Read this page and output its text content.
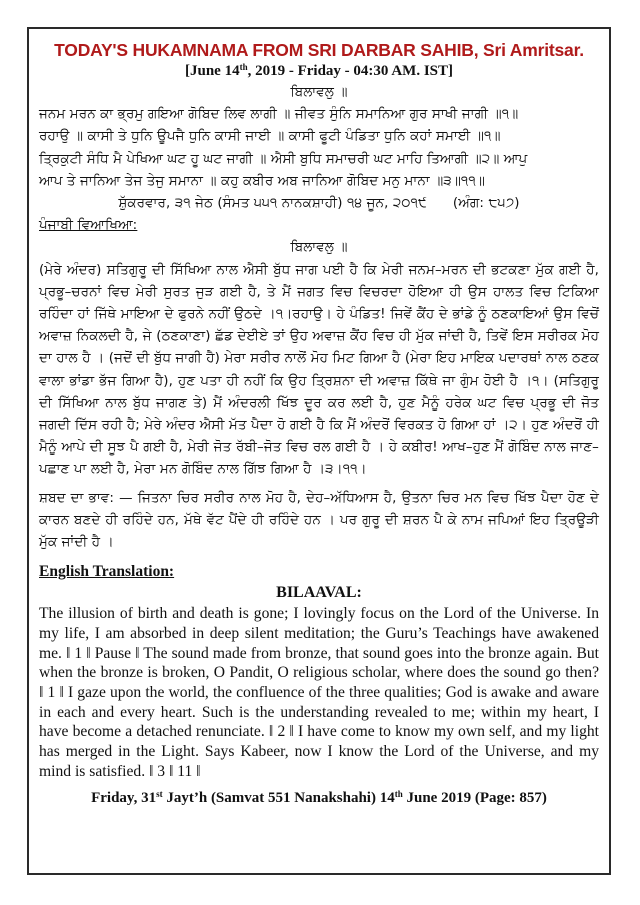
TODAY'S HUKAMNAMA FROM SRI DARBAR SAHIB, Sri Amritsar.
[June 14th, 2019 - Friday - 04:30 AM. IST]
ਬਿਲਾਵਲੁ ॥
ਜਨਮ ਮਰਨ ਕਾ ਭ੍ਰਮੁ ਗਇਆ ਗੋਬਿਦ ਲਿਵ ਲਾਗੀ ॥ ਜੀਵਤ ਸੁੰਨਿ ਸਮਾਨਿਆ ਗੁਰ ਸਾਖੀ ਜਾਗੀ ॥੧॥
ਰਹਾਉ ॥ ਕਾਸੀ ਤੇ ਧੁਨਿ ਊਪਜੈ ਧੁਨਿ ਕਾਸੀ ਜਾਈ ॥ ਕਾਸੀ ਫੂਟੀ ਪੰਡਿਤਾ ਧੁਨਿ ਕਹਾਂ ਸਮਾਈ ॥੧॥
ਤ੍ਰਿਕੁਟੀ ਸੰਧਿ ਮੈ ਪੇਖਿਆ ਘਟ ਹੂ ਘਟ ਜਾਗੀ ॥ ਐਸੀ ਬੁਧਿ ਸਮਾਚਰੀ ਘਟ ਮਾਹਿ ਤਿਆਗੀ ॥੨॥ ਆਪੁ
ਆਪ ਤੇ ਜਾਨਿਆ ਤੇਜ ਤੇਜੁ ਸਮਾਨਾ ॥ ਕਹੁ ਕਬੀਰ ਅਬ ਜਾਨਿਆ ਗੋਬਿਦ ਮਨੁ ਮਾਨਾ ॥੩॥੧੧॥
ਸ਼ੁੱਕਰਵਾਰ, ੩੧ ਜੇਠ (ਸੰਮਤ ੫੫੧ ਨਾਨਕਸ਼ਾਹੀ) ੧੪ ਜੂਨ, ੨੦੧੯ (ਅੰਗ: ੮੫੭)
ਪੰਜਾਬੀ ਵਿਆਖਿਆ:
ਬਿਲਾਵਲੁ ॥
(ਮੇਰੇ ਅੰਦਰ) ਸਤਿਗੁਰੂ ਦੀ ਸਿੱਖਿਆ ਨਾਲ ਐਸੀ ਬੁੱਧ ਜਾਗ ਪਈ ਹੈ ਕਿ ਮੇਰੀ ਜਨਮ–ਮਰਨ ਦੀ ਭਟਕਣਾ ਮੁੱਕ ਗਈ ਹੈ, ਪ੍ਰਭੂ–ਚਰਨਾਂ ਵਿਚ ਮੇਰੀ ਸੁਰਤ ਜੁੜ ਗਈ ਹੈ, ਤੇ ਮੈਂ ਜਗਤ ਵਿਚ ਵਿਚਰਦਾ ਹੋਇਆ ਹੀ ਉਸ ਹਾਲਤ ਵਿਚ ਟਿਕਿਆ ਰਹਿੰਦਾ ਹਾਂ ਜਿੱਥੇ ਮਾਇਆ ਦੇ ਫੁਰਨੇ ਨਹੀਂ ਉਠਦੇ ।੧।ਰਹਾਉ। ਹੇ ਪੰਡਿਤ! ਜਿਵੇਂ ਕੈਂਹ ਦੇ ਭਾਂਡੇ ਨੂੰ ਠਣਕਾਇਆਂ ਉਸ ਵਿਚੋਂ ਅਵਾਜ਼ ਨਿਕਲਦੀ ਹੈ, ਜੇ (ਠਣਕਾਣਾ) ਛੱਡ ਦੇਈਏ ਤਾਂ ਉਹ ਅਵਾਜ਼ ਕੈਂਹ ਵਿਚ ਹੀ ਮੁੱਕ ਜਾਂਦੀ ਹੈ, ਤਿਵੇਂ ਇਸ ਸਰੀਰਕ ਮੋਹ ਦਾ ਹਾਲ ਹੈ । (ਜਦੋਂ ਦੀ ਬੁੱਧ ਜਾਗੀ ਹੈ) ਮੇਰਾ ਸਰੀਰ ਨਾਲੋਂ ਮੋਹ ਮਿਟ ਗਿਆ ਹੈ (ਮੇਰਾ ਇਹ ਮਾਇਕ ਪਦਾਰਥਾਂ ਨਾਲ ਠਣਕ ਵਾਲਾ ਭਾਂਡਾ ਭੱਜ ਗਿਆ ਹੈ), ਹੁਣ ਪਤਾ ਹੀ ਨਹੀਂ ਕਿ ਉਹ ਤ੍ਰਿਸ਼ਨਾ ਦੀ ਅਵਾਜ਼ ਕਿੱਥੇ ਜਾ ਗੁੰਮ ਹੋਈ ਹੈ ।੧। (ਸਤਿਗੁਰੂ ਦੀ ਸਿੱਖਿਆ ਨਾਲ ਬੁੱਧ ਜਾਗਣ ਤੇ) ਮੈਂ ਅੰਦਰਲੀ ਖਿੱਝ ਦੂਰ ਕਰ ਲਈ ਹੈ, ਹੁਣ ਮੈਨੂੰ ਹਰੇਕ ਘਟ ਵਿਚ ਪ੍ਰਭੂ ਦੀ ਜੋਤ ਜਗਦੀ ਦਿੱਸ ਰਹੀ ਹੈ; ਮੇਰੇ ਅੰਦਰ ਐਸੀ ਮੱਤ ਪੈਦਾ ਹੋ ਗਈ ਹੈ ਕਿ ਮੈਂ ਅੰਦਰੋਂ ਵਿਰਕਤ ਹੋ ਗਿਆ ਹਾਂ ।੨। ਹੁਣ ਅੰਦਰੋਂ ਹੀ ਮੈਨੂੰ ਆਪੇ ਦੀ ਸੂਝ ਪੈ ਗਈ ਹੈ, ਮੇਰੀ ਜੋਤ ਰੱਬੀ–ਜੋਤ ਵਿਚ ਰਲ ਗਈ ਹੈ । ਹੇ ਕਬੀਰ! ਆਖ–ਹੁਣ ਮੈਂ ਗੋਬਿੰਦ ਨਾਲ ਜਾਣ–ਪਛਾਣ ਪਾ ਲਈ ਹੈ, ਮੇਰਾ ਮਨ ਗੋਬਿੰਦ ਨਾਲ ਗਿੱਝ ਗਿਆ ਹੈ ।੩।੧੧।
ਸ਼ਬਦ ਦਾ ਭਾਵ: — ਜਿਤਨਾ ਚਿਰ ਸਰੀਰ ਨਾਲ ਮੋਹ ਹੈ, ਦੇਹ–ਅੱਧਿਆਸ ਹੈ, ਉਤਨਾ ਚਿਰ ਮਨ ਵਿਚ ਖਿੱਝ ਪੈਦਾ ਹੋਣ ਦੇ ਕਾਰਨ ਬਣਦੇ ਹੀ ਰਹਿੰਦੇ ਹਨ, ਮੱਥੇ ਵੱਟ ਪੈਂਦੇ ਹੀ ਰਹਿੰਦੇ ਹਨ । ਪਰ ਗੁਰੂ ਦੀ ਸ਼ਰਨ ਪੈ ਕੇ ਨਾਮ ਜਪਿਆਂ ਇਹ ਤ੍ਰਿਊੜੀ ਮੁੱਕ ਜਾਂਦੀ ਹੈ ।
English Translation:
BILAAVAL:
The illusion of birth and death is gone; I lovingly focus on the Lord of the Universe. In my life, I am absorbed in deep silent meditation; the Guru’s Teachings have awakened me. ‖ 1 ‖ Pause ‖ The sound made from bronze, that sound goes into the bronze again. But when the bronze is broken, O Pandit, O religious scholar, where does the sound go then? ‖ 1 ‖ I gaze upon the world, the confluence of the three qualities; God is awake and aware in each and every heart. Such is the understanding revealed to me; within my heart, I have become a detached renunciate. ‖ 2 ‖ I have come to know my own self, and my light has merged in the Light. Says Kabeer, now I know the Lord of the Universe, and my mind is satisfied. ‖ 3 ‖ 11 ‖
Friday, 31st Jayt’h (Samvat 551 Nanakshahi) 14th June 2019 (Page: 857)
